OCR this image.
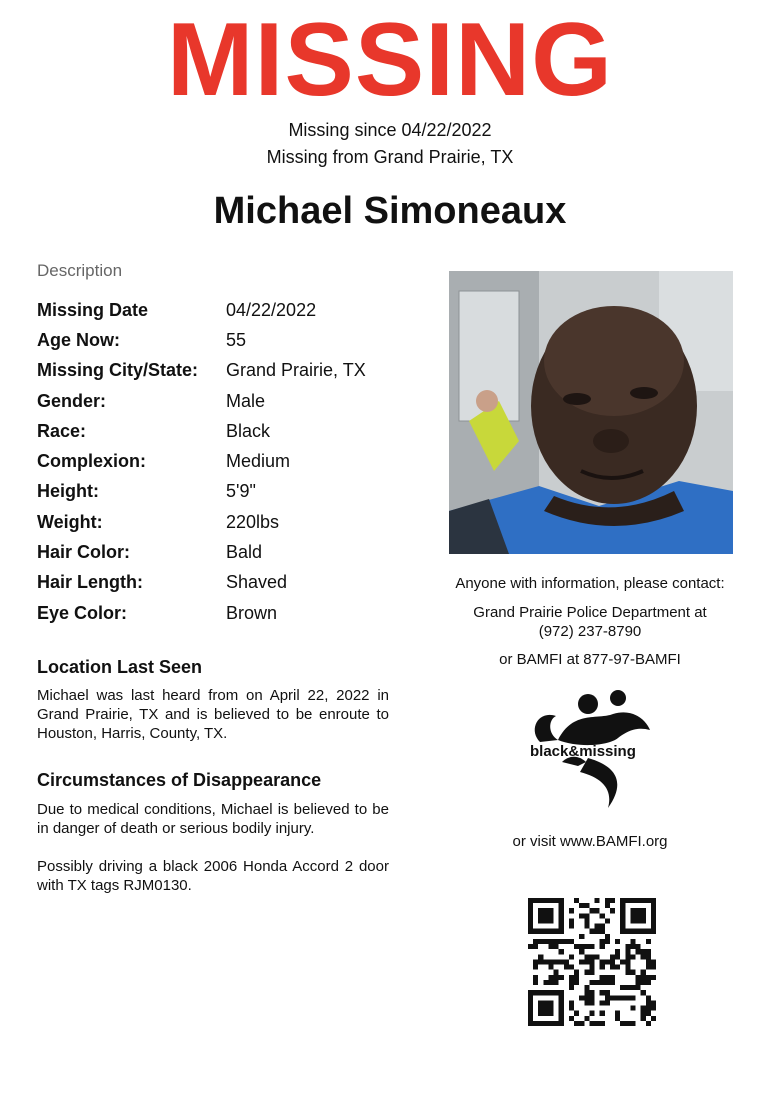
MISSING
Missing since 04/22/2022
Missing from Grand Prairie, TX
Michael Simoneaux
Description
Missing Date	04/22/2022
Age Now:	55
Missing City/State:	Grand Prairie, TX
Gender:	Male
Race:	Black
Complexion:	Medium
Height:	5'9"
Weight:	220lbs
Hair Color:	Bald
Hair Length:	Shaved
Eye Color:	Brown
Location Last Seen
Michael was last heard from on April 22, 2022 in Grand Prairie, TX and is believed to be enroute to Houston, Harris, County, TX.
Circumstances of Disappearance
Due to medical conditions, Michael is believed to be in danger of death or serious bodily injury.
Possibly driving a black 2006 Honda Accord 2 door with TX tags RJM0130.
Anyone with information, please contact:
Grand Prairie Police Department at
(972) 237-8790
or BAMFI at 877-97-BAMFI
black&missing
or visit www.BAMFI.org
